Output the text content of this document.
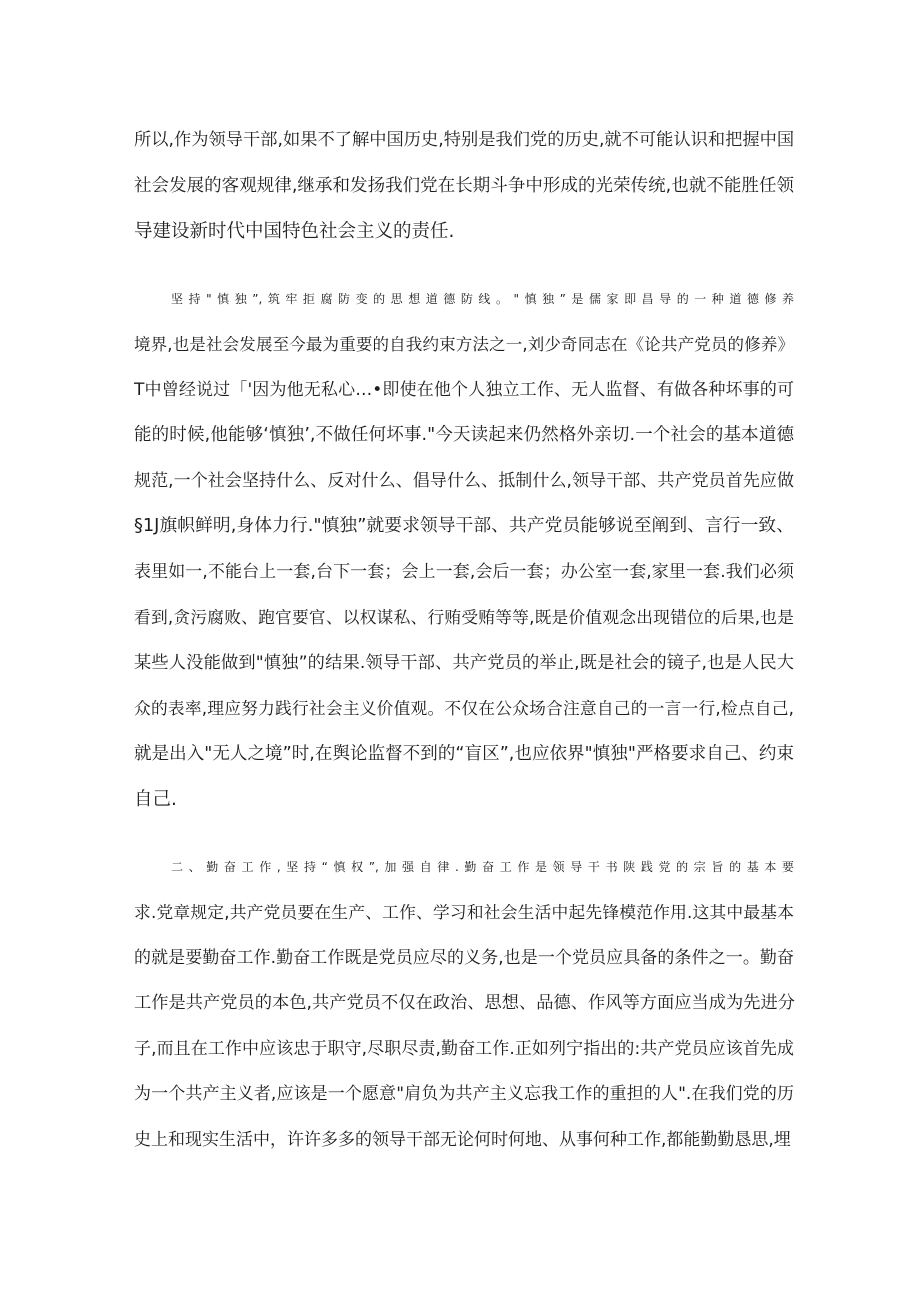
所以,作为领导干部,如果不了解中国历史,特别是我们党的历史,就不可能认识和把握中国
社会发展的客观规律,继承和发扬我们党在长期斗争中形成的光荣传统,也就不能胜任领
导建设新时代中国特色社会主义的责任.
坚持"慎独”,筑牢拒腐防变的思想道德防线。"慎独”是儒家即昌导的一种道德修养
境界,也是社会发展至今最为重要的自我约束方法之一,刘少奇同志在《论共产党员的修养》
T中曾经说过「'因为他无私心…•即使在他个人独立工作、无人监督、有做各种坏事的可
能的时候,他能够‘慎独’,不做任何坏事."今天读起来仍然格外亲切.一个社会的基本道德
规范,一个社会坚持什么、反对什么、倡导什么、抵制什么,领导干部、共产党员首先应做
§1J旗帜鲜明,身体力行."慎独”就要求领导干部、共产党员能够说至阐到、言行一致、
表里如一,不能台上一套,台下一套；会上一套,会后一套；办公室一套,家里一套.我们必须
看到,贪污腐败、跑官要官、以权谋私、行贿受贿等等,既是价值观念出现错位的后果,也是
某些人没能做到"慎独”的结果.领导干部、共产党员的举止,既是社会的镜子,也是人民大
众的表率,理应努力践行社会主义价值观。不仅在公众场合注意自己的一言一行,检点自己,
就是出入"无人之境”时,在舆论监督不到的“盲区”,也应依界"慎独"严格要求自己、约束
自己.
二、勤奋工作,坚持“慎权”,加强自律.勤奋工作是领导干书陕践党的宗旨的基本要
求.党章规定,共产党员要在生产、工作、学习和社会生活中起先锋模范作用.这其中最基本
的就是要勤奋工作.勤奋工作既是党员应尽的义务,也是一个党员应具备的条件之一。勤奋
工作是共产党员的本色,共产党员不仅在政治、思想、品德、作风等方面应当成为先进分
子,而且在工作中应该忠于职守,尽职尽责,勤奋工作.正如列宁指出的:共产党员应该首先成
为一个共产主义者,应该是一个愿意"肩负为共产主义忘我工作的重担的人".在我们党的历
史上和现实生活中，许许多多的领导干部无论何时何地、从事何种工作,都能勤勤恳思,埋
